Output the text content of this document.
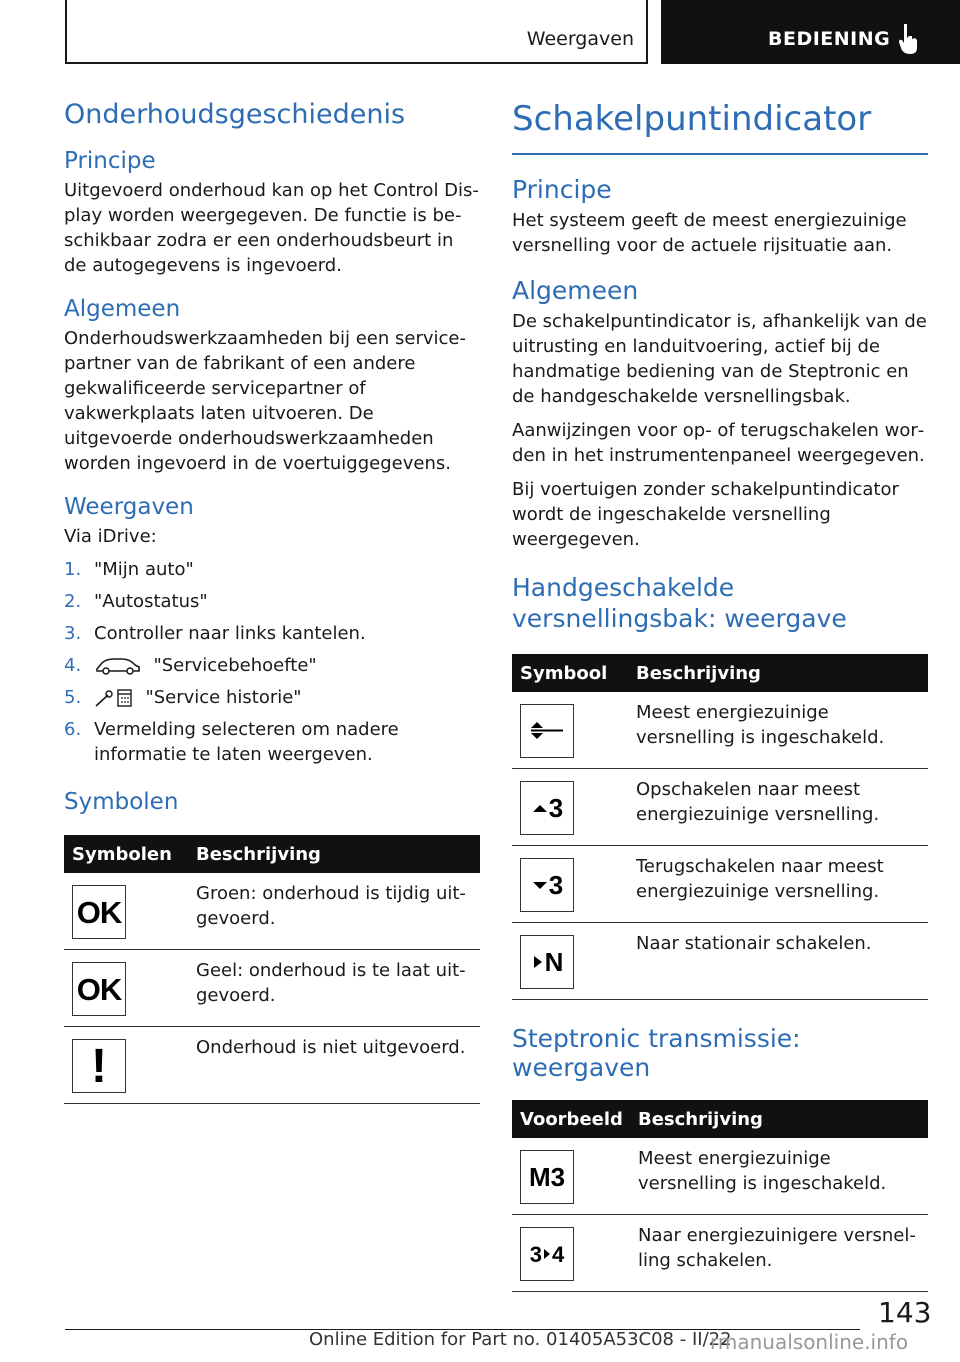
Weergaven	BEDIENING
Onderhoudsgeschiedenis
Principe

Uitgevoerd onderhoud kan op het Control Display worden weergegeven. De functie is beschikbaar zodra er een onderhoudsbeurt in de autogegevens is ingevoerd.

Algemeen

Onderhoudswerkzaamheden bij een servicepartner van de fabrikant of een andere gekwalificeerde servicepartner of vakwerkplaats laten uitvoeren. De uitgevoerde onderhoudswerkzaamheden worden ingevoerd in de voertuiggegevens.

Weergaven

Via iDrive:

1. "Mijn auto"
2. "Autostatus"
3. Controller naar links kantelen.
4.	"Servicebehoefte"
5.	"Service historie"
6. Vermelding selecteren om nadere informatie te laten weergeven.
Symbolen
Symbolen	Beschrijving

OK	Groen: onderhoud is tijdig uitgevoerd.

OK	Geel: onderhoud is te laat uitgevoerd.

!	Onderhoud is niet uitgevoerd.
Schakelpuntindicator
Principe

Het systeem geeft de meest energiezuinige versnelling voor de actuele rijsituatie aan.

Algemeen

De schakelpuntindicator is, afhankelijk van de uitrusting en landuitvoering, actief bij de handmatige bediening van de Steptronic en de handgeschakelde versnellingsbak.

Aanwijzingen voor op- of terugschakelen worden in het instrumentenpaneel weergegeven.

Bij voertuigen zonder schakelpuntindicator wordt de ingeschakelde versnelling weergegeven.

Handgeschakelde versnellingsbak: weergave
Symbool	Beschrijving

	Meest energiezuinige versnelling is ingeschakeld.

3	Opschakelen naar meest energiezuinige versnelling.

3	Terugschakelen naar meest energiezuinige versnelling.

N	Naar stationair schakelen.
Steptronic transmissie: weergaven
Voorbeeld	Beschrijving

M3	Meest energiezuinige versnelling is ingeschakeld.

3 4	Naar energiezuinigere versnelling schakelen.
143
Online Edition for Part no. 01405A53C08 - II/22
rmanualsonline.info
